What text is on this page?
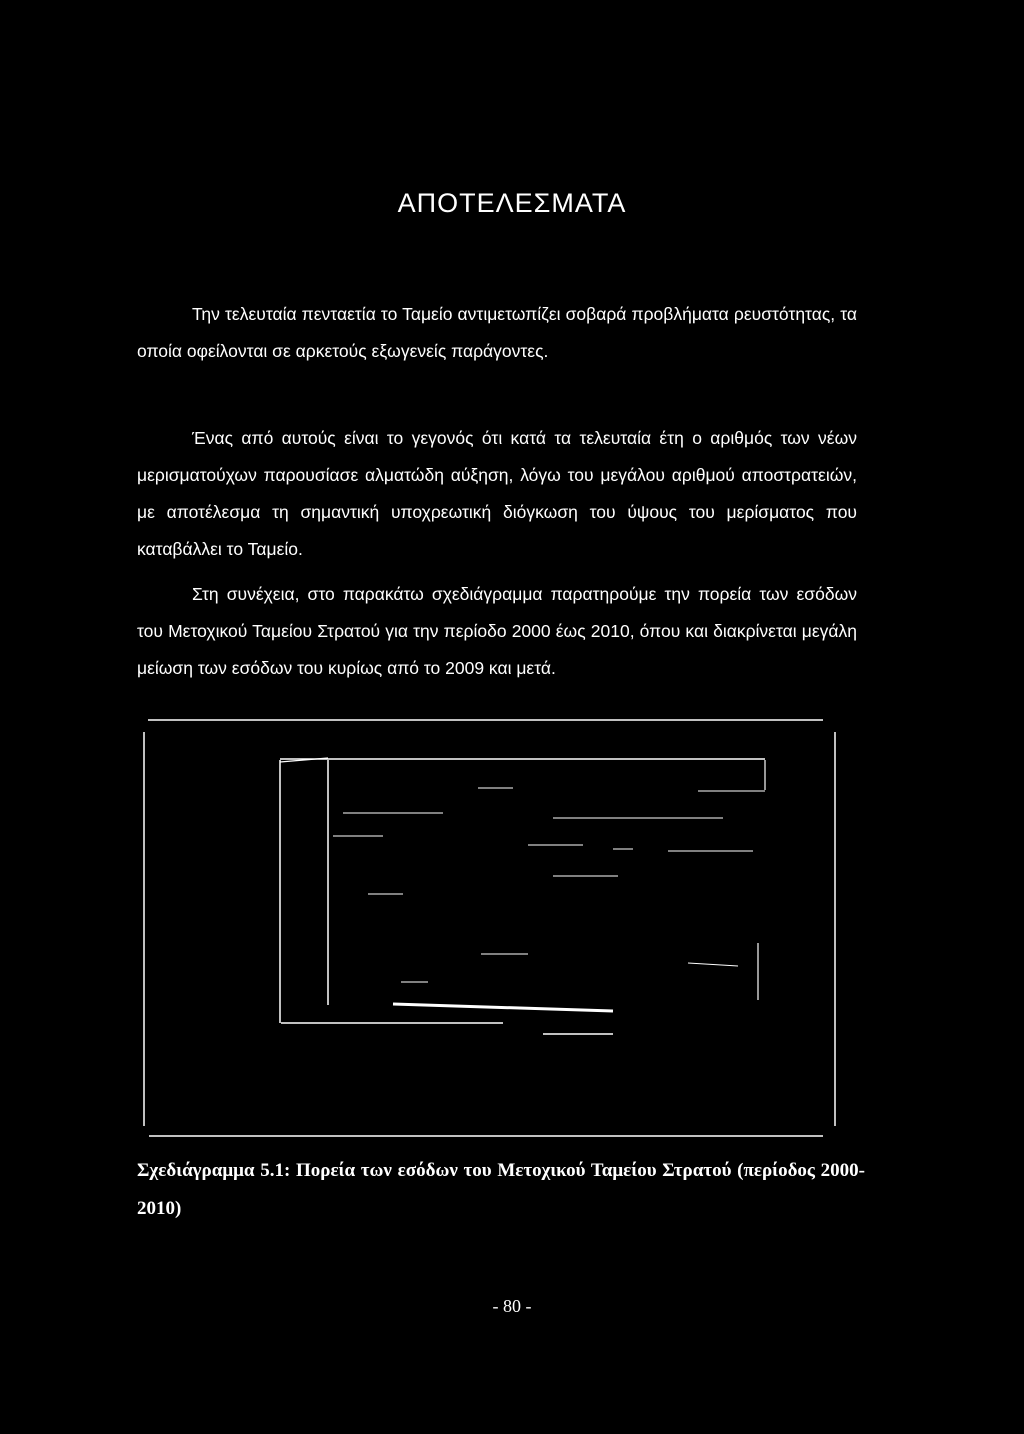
ΑΠΟΤΕΛΕΣΜΑΤΑ
Την τελευταία πενταετία το Ταμείο αντιμετωπίζει σοβαρά προβλήματα ρευστότητας, τα οποία οφείλονται σε αρκετούς εξωγενείς παράγοντες.
Ένας από αυτούς είναι το γεγονός ότι κατά τα τελευταία έτη ο αριθμός των νέων μερισματούχων παρουσίασε αλματώδη αύξηση, λόγω του μεγάλου αριθμού αποστρατειών, με αποτέλεσμα τη σημαντική υποχρεωτική διόγκωση του ύψους του μερίσματος που καταβάλλει το Ταμείο.
Στη συνέχεια, στο παρακάτω σχεδιάγραμμα παρατηρούμε την πορεία των εσόδων του Μετοχικού Ταμείου Στρατού για την περίοδο 2000 έως 2010, όπου και διακρίνεται μεγάλη μείωση των εσόδων του κυρίως από το 2009 και μετά.
Σχεδιάγραμμα 5.1: Πορεία των εσόδων του Μετοχικού Ταμείου Στρατού (περίοδος 2000-2010)
- 80 -
